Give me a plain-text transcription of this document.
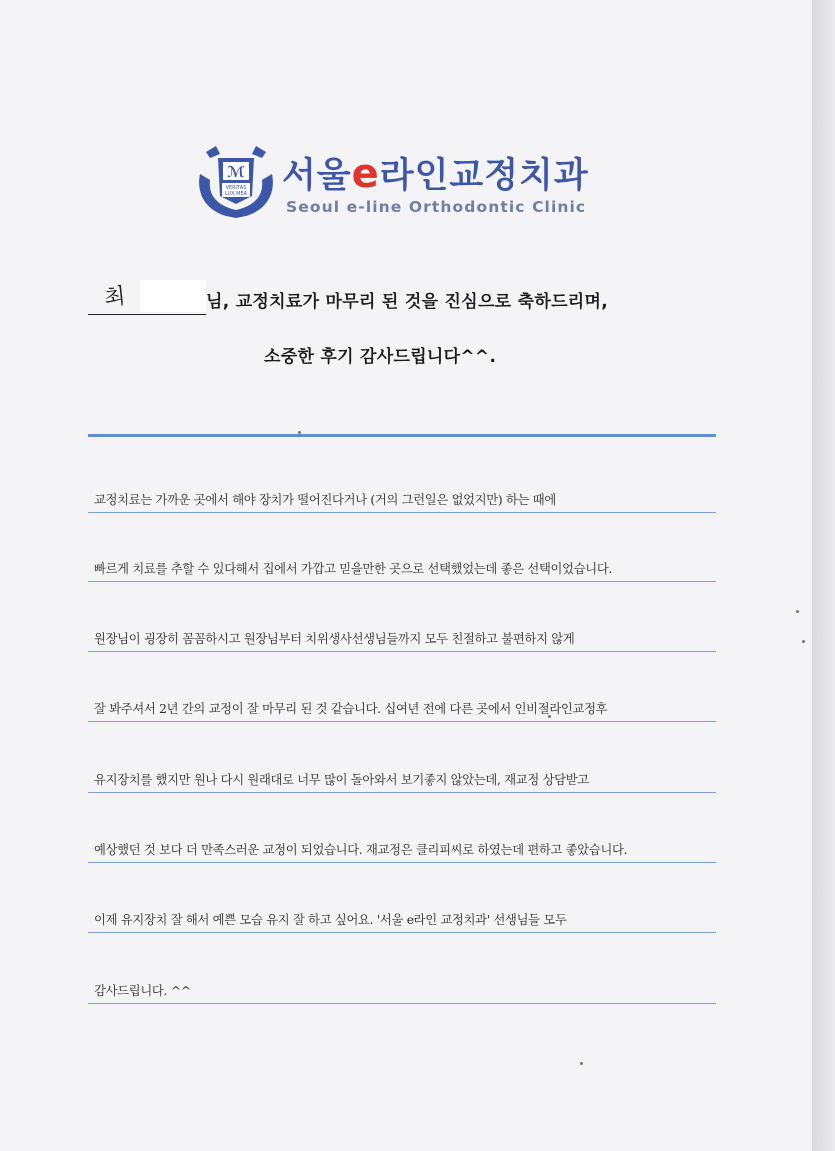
ℳ
VERITAS
LUX MEA 서울e라인교정치과
Seoul e-line Orthodontic Clinic
최	님, 교정치료가 마무리 된 것을 진심으로 축하드리며,
소중한 후기 감사드립니다^^.
교정치료는 가까운 곳에서 해야 장치가 떨어진다거나 (거의 그런일은 없었지만) 하는 때에
빠르게 치료를 추할 수 있다해서 집에서 가깝고 믿을만한 곳으로 선택했었는데 좋은 선택이었습니다.
원장님이 굉장히 꼼꼼하시고 원장님부터 치위생사선생님들까지 모두 친절하고 불편하지 않게
잘 봐주셔서 2년 간의 교정이 잘 마무리 된 것 같습니다. 십여년 전에 다른 곳에서 인비절라인교정후
유지장치를 했지만 원나 다시 원래대로 너무 많이 돌아와서 보기좋지 않았는데, 재교정 상담받고
예상했던 것 보다 더 만족스러운 교정이 되었습니다. 재교정은 클리피씨로 하였는데 편하고 좋았습니다.
이제 유지장치 잘 해서 예쁜 모습 유지 잘 하고 싶어요. '서울 e라인 교정치과' 선생님들 모두
감사드립니다. ^^
